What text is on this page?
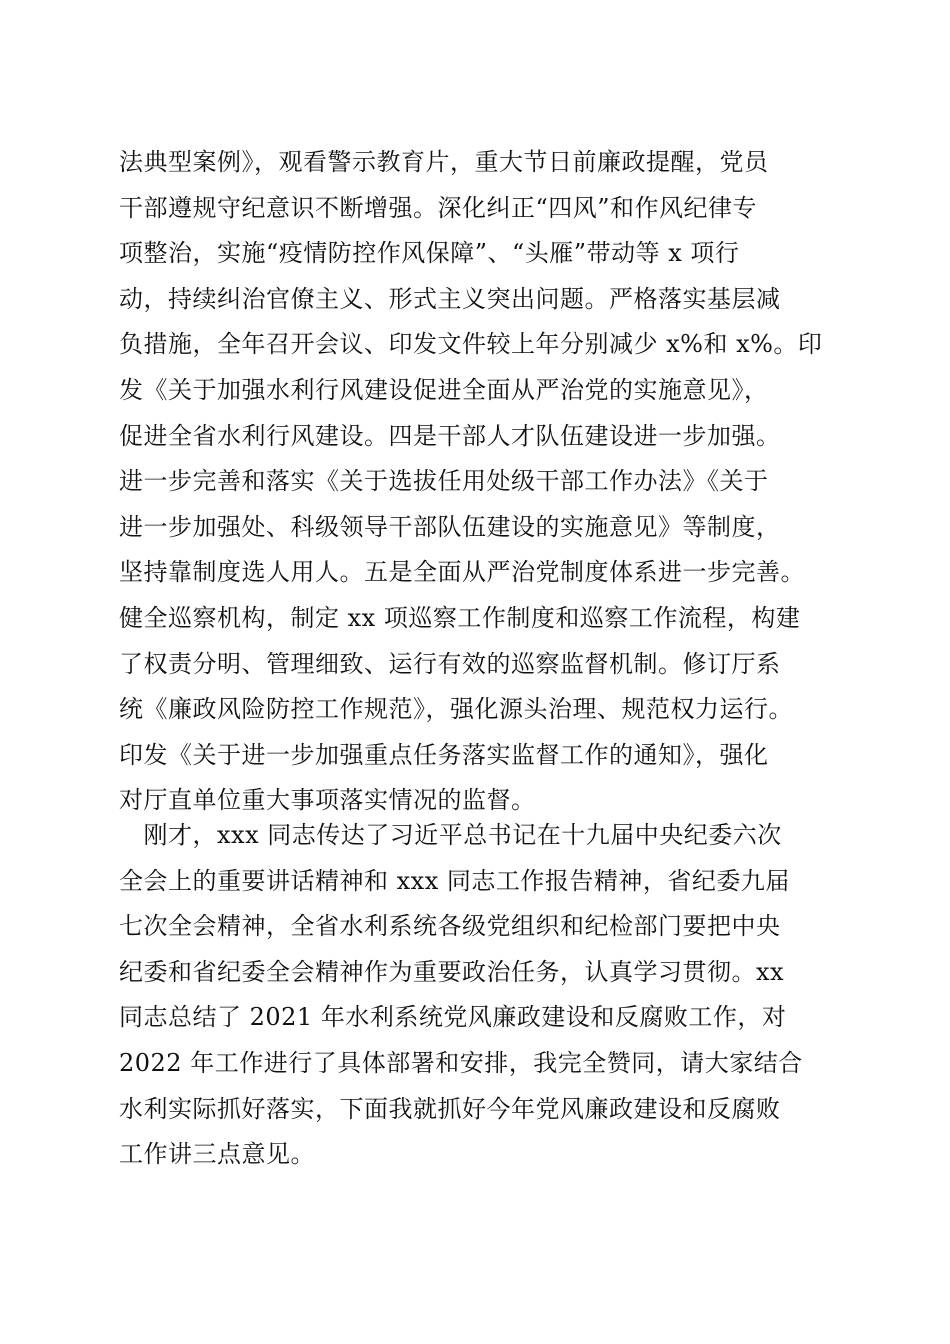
法典型案例》，观看警示教育片，重大节日前廉政提醒，党员
干部遵规守纪意识不断增强。深化纠正“四风”和作风纪律专
项整治，实施“疫情防控作风保障”、“头雁”带动等 x 项行
动，持续纠治官僚主义、形式主义突出问题。严格落实基层减
负措施，全年召开会议、印发文件较上年分别减少 x%和 x%。印
发《关于加强水利行风建设促进全面从严治党的实施意见》，
促进全省水利行风建设。四是干部人才队伍建设进一步加强。
进一步完善和落实《关于选拔任用处级干部工作办法》《关于
进一步加强处、科级领导干部队伍建设的实施意见》等制度，
坚持靠制度选人用人。五是全面从严治党制度体系进一步完善。
健全巡察机构，制定 xx 项巡察工作制度和巡察工作流程，构建
了权责分明、管理细致、运行有效的巡察监督机制。修订厅系
统《廉政风险防控工作规范》，强化源头治理、规范权力运行。
印发《关于进一步加强重点任务落实监督工作的通知》，强化
对厅直单位重大事项落实情况的监督。
　刚才，xxx 同志传达了习近平总书记在十九届中央纪委六次
全会上的重要讲话精神和 xxx 同志工作报告精神，省纪委九届
七次全会精神，全省水利系统各级党组织和纪检部门要把中央
纪委和省纪委全会精神作为重要政治任务，认真学习贯彻。xx
同志总结了 2021 年水利系统党风廉政建设和反腐败工作，对
2022 年工作进行了具体部署和安排，我完全赞同，请大家结合
水利实际抓好落实，下面我就抓好今年党风廉政建设和反腐败
工作讲三点意见。
